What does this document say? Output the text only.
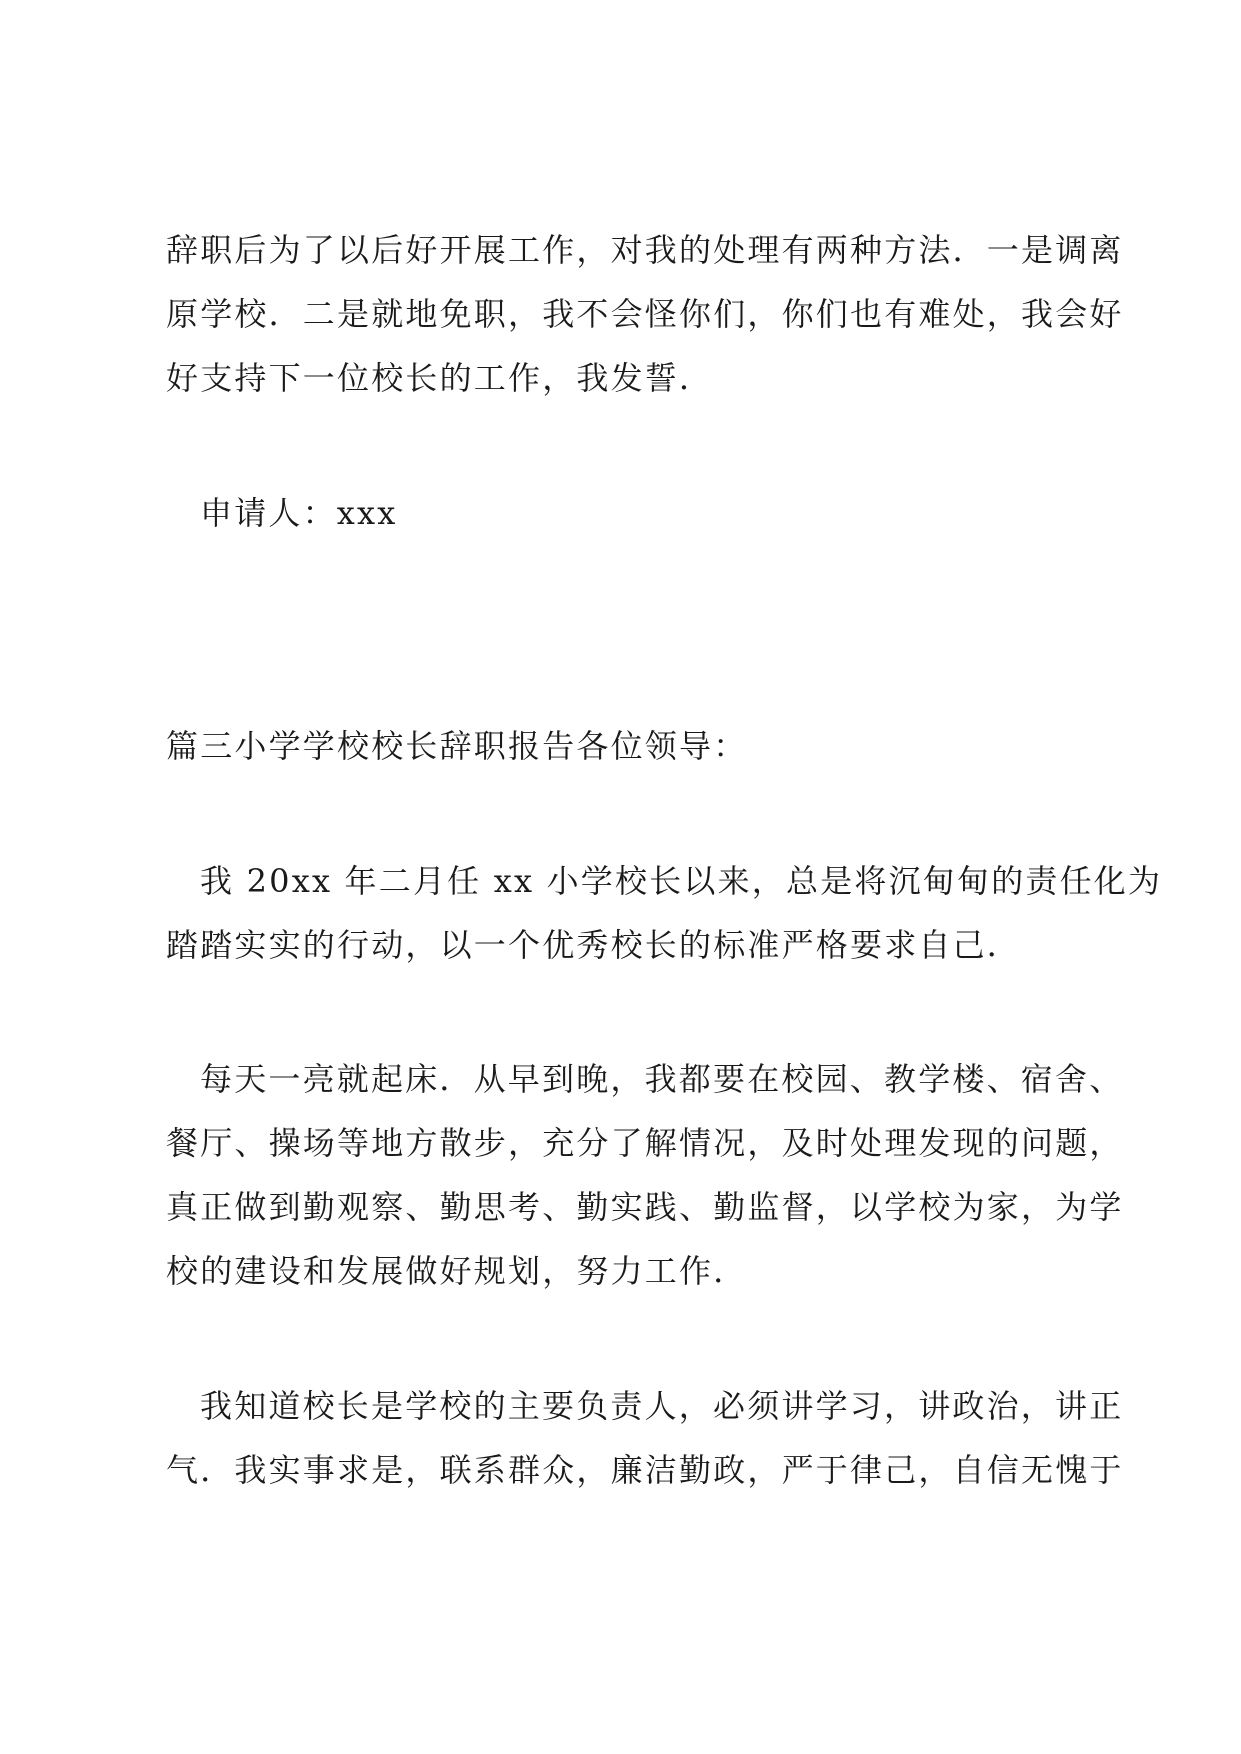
辞职后为了以后好开展工作，对我的处理有两种方法．一是调离
原学校．二是就地免职，我不会怪你们，你们也有难处，我会好
好支持下一位校长的工作，我发誓．
申请人：xxx
篇三小学学校校长辞职报告各位领导：
我 20xx 年二月任 xx 小学校长以来，总是将沉甸甸的责任化为
踏踏实实的行动，以一个优秀校长的标准严格要求自己．
每天一亮就起床．从早到晚，我都要在校园、教学楼、宿舍、
餐厅、操场等地方散步，充分了解情况，及时处理发现的问题，
真正做到勤观察、勤思考、勤实践、勤监督，以学校为家，为学
校的建设和发展做好规划，努力工作．
我知道校长是学校的主要负责人，必须讲学习，讲政治，讲正
气．我实事求是，联系群众，廉洁勤政，严于律己，自信无愧于
